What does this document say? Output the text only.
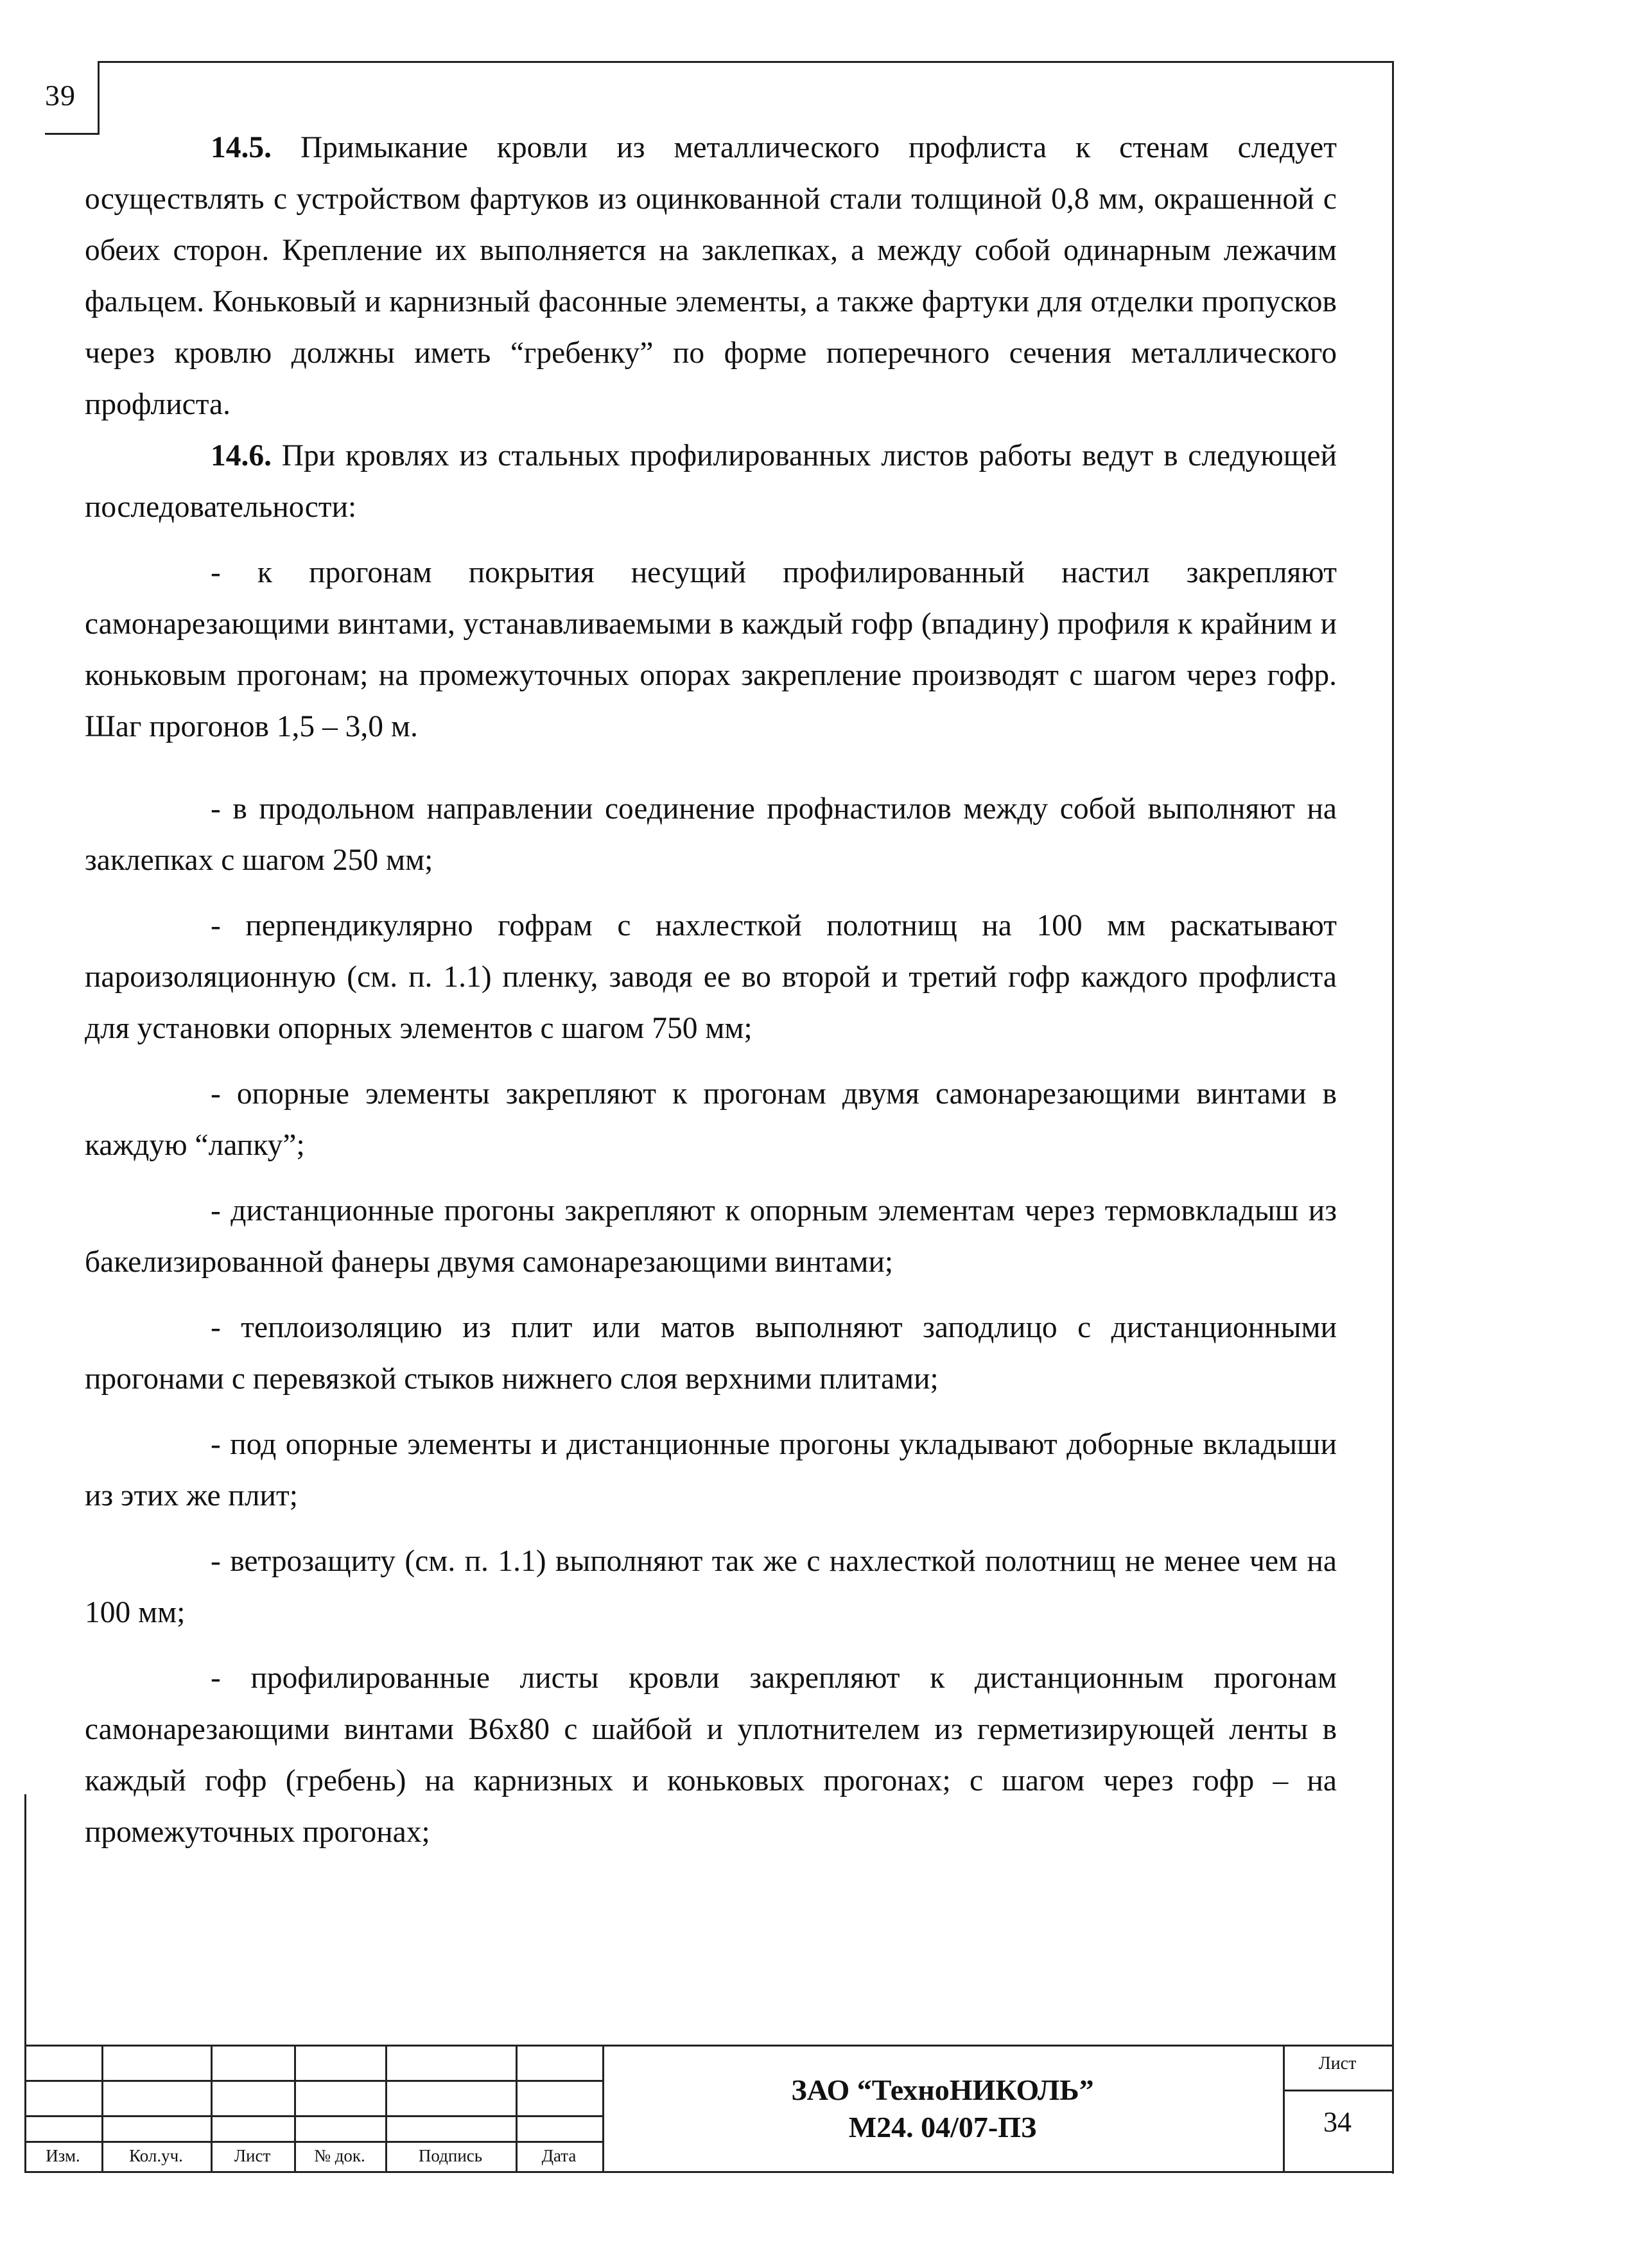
39

14.5. Примыкание кровли из металлического профлиста к стенам следует осуществлять с устройством фартуков из оцинкованной стали толщиной 0,8 мм, окрашенной с обеих сторон. Крепление их выполняется на заклепках, а между собой одинарным лежачим фальцем. Коньковый и карнизный фасонные элементы, а также фартуки для отделки пропусков через кровлю должны иметь “гребенку” по форме поперечного сечения металлического профлиста.

14.6. При кровлях из стальных профилированных листов работы ведут в следующей последовательности:

- к прогонам покрытия несущий профилированный настил закрепляют самонарезающими винтами, устанавливаемыми в каждый гофр (впадину) профиля к крайним и коньковым прогонам; на промежуточных опорах закрепление производят с шагом через гофр. Шаг прогонов 1,5 – 3,0 м.

- в продольном направлении соединение профнастилов между собой выполняют на заклепках с шагом 250 мм;

- перпендикулярно гофрам с нахлесткой полотнищ на 100 мм раскатывают пароизоляционную (см. п. 1.1) пленку, заводя ее во второй и третий гофр каждого профлиста для установки опорных элементов с шагом 750 мм;

- опорные элементы закрепляют к прогонам двумя самонарезающими винтами в каждую “лапку”;

- дистанционные прогоны закрепляют к опорным элементам через термовкладыш из бакелизированной фанеры двумя самонарезающими винтами;

- теплоизоляцию из плит или матов выполняют заподлицо с дистанционными прогонами с перевязкой стыков нижнего слоя верхними плитами;

- под опорные элементы и дистанционные прогоны укладывают доборные вкладыши из этих же плит;

- ветрозащиту (см. п. 1.1) выполняют так же с нахлесткой полотнищ не менее чем на 100 мм;

- профилированные листы кровли закрепляют к дистанционным прогонам самонарезающими винтами В6х80 с шайбой и уплотнителем из герметизирующей ленты в каждый гофр (гребень) на карнизных и коньковых прогонах; с шагом через гофр – на промежуточных прогонах;

Изм.	Кол.уч.	Лист	№ док.	Подпись	Дата
ЗАО “ТехноНИКОЛЬ”
М24. 04/07-ПЗ
Лист
34
